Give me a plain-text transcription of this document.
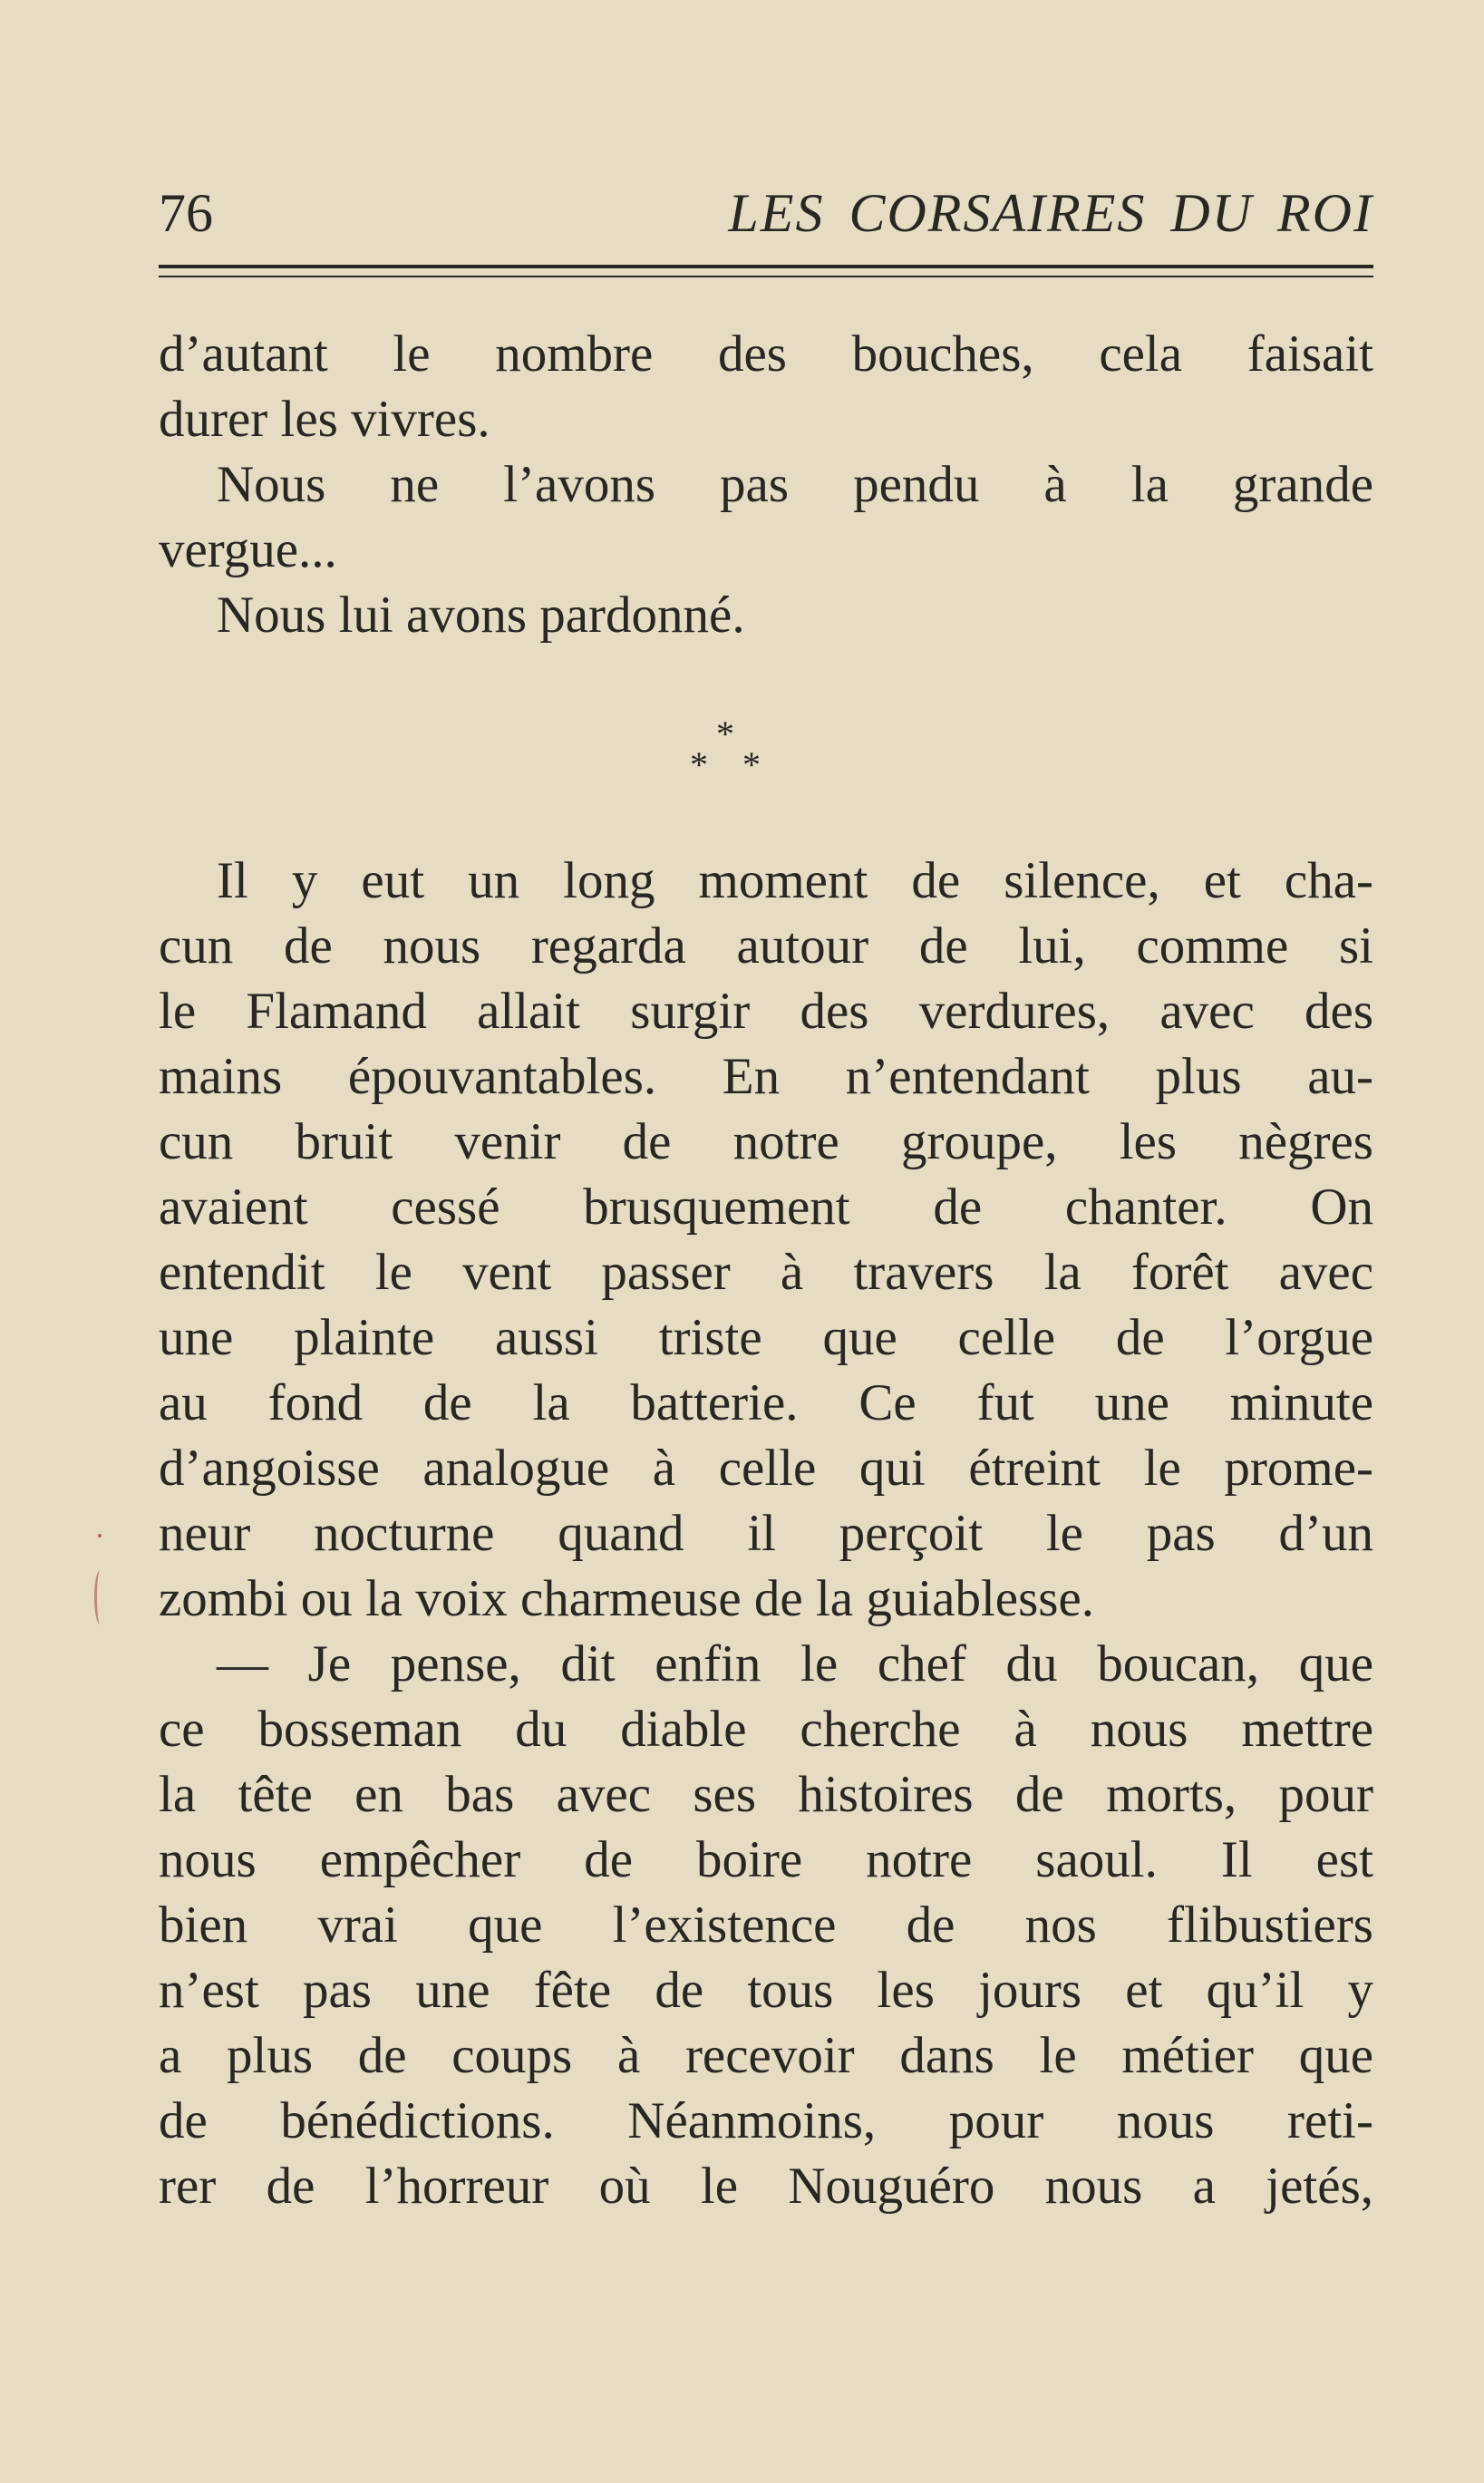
76	LES CORSAIRES DU ROI
d’autant le nombre des bouches, cela faisait
durer les vivres.
Nous ne l’avons pas pendu à la grande
vergue...
Nous lui avons pardonné.
*
* *
Il y eut un long moment de silence, et cha-
cun de nous regarda autour de lui, comme si
le Flamand allait surgir des verdures, avec des
mains épouvantables. En n’entendant plus au-
cun bruit venir de notre groupe, les nègres
avaient cessé brusquement de chanter. On
entendit le vent passer à travers la forêt avec
une plainte aussi triste que celle de l’orgue
au fond de la batterie. Ce fut une minute
d’angoisse analogue à celle qui étreint le prome-
neur nocturne quand il perçoit le pas d’un
zombi ou la voix charmeuse de la guiablesse.
— Je pense, dit enfin le chef du boucan, que
ce bosseman du diable cherche à nous mettre
la tête en bas avec ses histoires de morts, pour
nous empêcher de boire notre saoul. Il est
bien vrai que l’existence de nos flibustiers
n’est pas une fête de tous les jours et qu’il y
a plus de coups à recevoir dans le métier que
de bénédictions. Néanmoins, pour nous reti-
rer de l’horreur où le Nouguéro nous a jetés,
